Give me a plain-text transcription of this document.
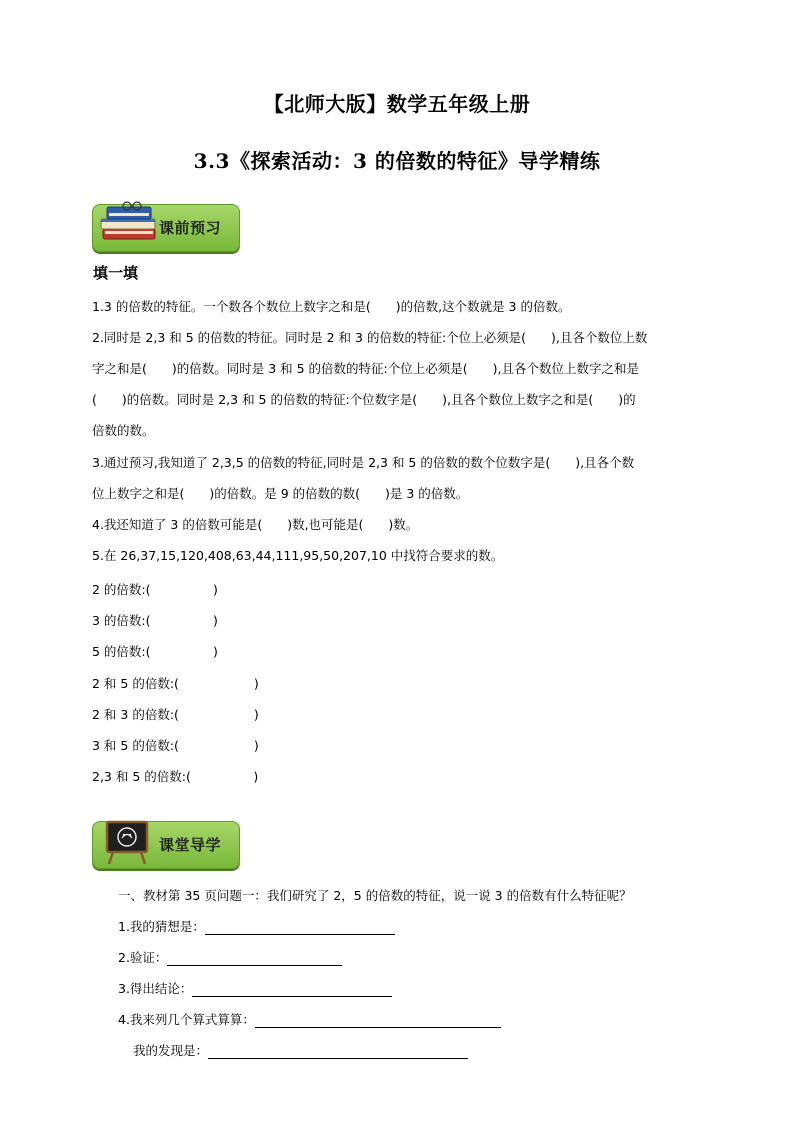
【北师大版】数学五年级上册
3.3《探索活动：3 的倍数的特征》导学精练
课前预习
填一填

1.3 的倍数的特征。一个数各个数位上数字之和是(　　)的倍数,这个数就是 3 的倍数。

2.同时是 2,3 和 5 的倍数的特征。同时是 2 和 3 的倍数的特征:个位上必须是(　　),且各个数位上数

字之和是(　　)的倍数。同时是 3 和 5 的倍数的特征:个位上必须是(　　),且各个数位上数字之和是

(　　)的倍数。同时是 2,3 和 5 的倍数的特征:个位数字是(　　),且各个数位上数字之和是(　　)的

倍数的数。

3.通过预习,我知道了 2,3,5 的倍数的特征,同时是 2,3 和 5 的倍数的数个位数字是(　　),且各个数

位上数字之和是(　　)的倍数。是 9 的倍数的数(　　)是 3 的倍数。

4.我还知道了 3 的倍数可能是(　　)数,也可能是(　　)数。

5.在 26,37,15,120,408,63,44,111,95,50,207,10 中找符合要求的数。

2 的倍数:(　　　　　)
3 的倍数:(　　　　　)
5 的倍数:(　　　　　)
2 和 5 的倍数:(　　　　　　)
2 和 3 的倍数:(　　　　　　)
3 和 5 的倍数:(　　　　　　)
2,3 和 5 的倍数:(　　　　　)
课堂导学
一、教材第 35 页问题一：我们研究了 2，5 的倍数的特征，说一说 3 的倍数有什么特征呢？
1.我的猜想是：
2.验证：
3.得出结论：
4.我来列几个算式算算：
我的发现是：
